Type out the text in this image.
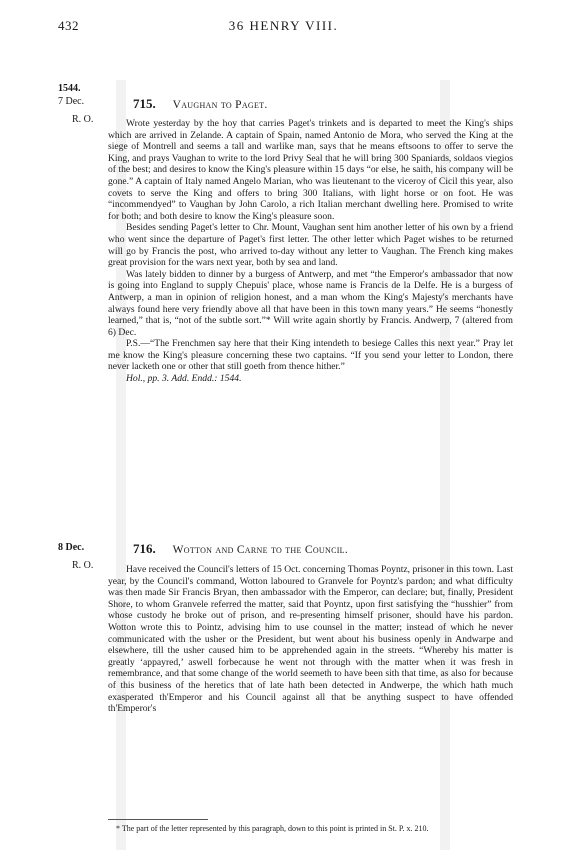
432	36 HENRY VIII.
1544.
7 Dec.
R. O.
715. Vaughan to Paget.

Wrote yesterday by the hoy that carries Paget's trinkets and is departed to meet the King's ships which are arrived in Zelande. A captain of Spain, named Antonio de Mora, who served the King at the siege of Montrell and seems a tall and warlike man, says that he means eftsoons to offer to serve the King, and prays Vaughan to write to the lord Privy Seal that he will bring 300 Spaniards, soldaos viegios of the best; and desires to know the King's pleasure within 15 days “or else, he saith, his company will be gone.” A captain of Italy named Angelo Marian, who was lieutenant to the viceroy of Cicil this year, also covets to serve the King and offers to bring 300 Italians, with light horse or on foot. He was “incommendyed” to Vaughan by John Carolo, a rich Italian merchant dwelling here. Promised to write for both; and both desire to know the King's pleasure soon.

Besides sending Paget's letter to Chr. Mount, Vaughan sent him another letter of his own by a friend who went since the departure of Paget's first letter. The other letter which Paget wishes to be returned will go by Francis the post, who arrived to-day without any letter to Vaughan. The French king makes great provision for the wars next year, both by sea and land.

Was lately bidden to dinner by a burgess of Antwerp, and met “the Emperor's ambassador that now is going into England to supply Chepuis' place, whose name is Francis de la Delfe. He is a burgess of Antwerp, a man in opinion of religion honest, and a man whom the King's Majesty's merchants have always found here very friendly above all that have been in this town many years.” He seems “honestly learned,” that is, “not of the subtle sort.”* Will write again shortly by Francis. Andwerp, 7 (altered from 6) Dec.

P.S.—“The Frenchmen say here that their King intendeth to besiege Calles this next year.” Pray let me know the King's pleasure concerning these two captains. “If you send your letter to London, there never lacketh one or other that still goeth from thence hither.”

Hol., pp. 3. Add. Endd.: 1544.

8 Dec.
R. O.
716. Wotton and Carne to the Council.

Have received the Council's letters of 15 Oct. concerning Thomas Poyntz, prisoner in this town. Last year, by the Council's command, Wotton laboured to Granvele for Poyntz's pardon; and what difficulty was then made Sir Francis Bryan, then ambassador with the Emperor, can declare; but, finally, President Shore, to whom Granvele referred the matter, said that Poyntz, upon first satisfying the “husshier” from whose custody he broke out of prison, and re-presenting himself prisoner, should have his pardon. Wotton wrote this to Pointz, advising him to use counsel in the matter; instead of which he never communicated with the usher or the President, but went about his business openly in Andwarpe and elsewhere, till the usher caused him to be apprehended again in the streets. “Whereby his matter is greatly ‘appayred,’ aswell forbecause he went not through with the matter when it was fresh in remembrance, and that some change of the world seemeth to have been sith that time, as also for because of this business of the heretics that of late hath been detected in Andwerpe, the which hath much exasperated th'Emperor and his Council against all that be anything suspect to have offended th'Emperor's

* The part of the letter represented by this paragraph, down to this point is printed in St. P. x. 210.
